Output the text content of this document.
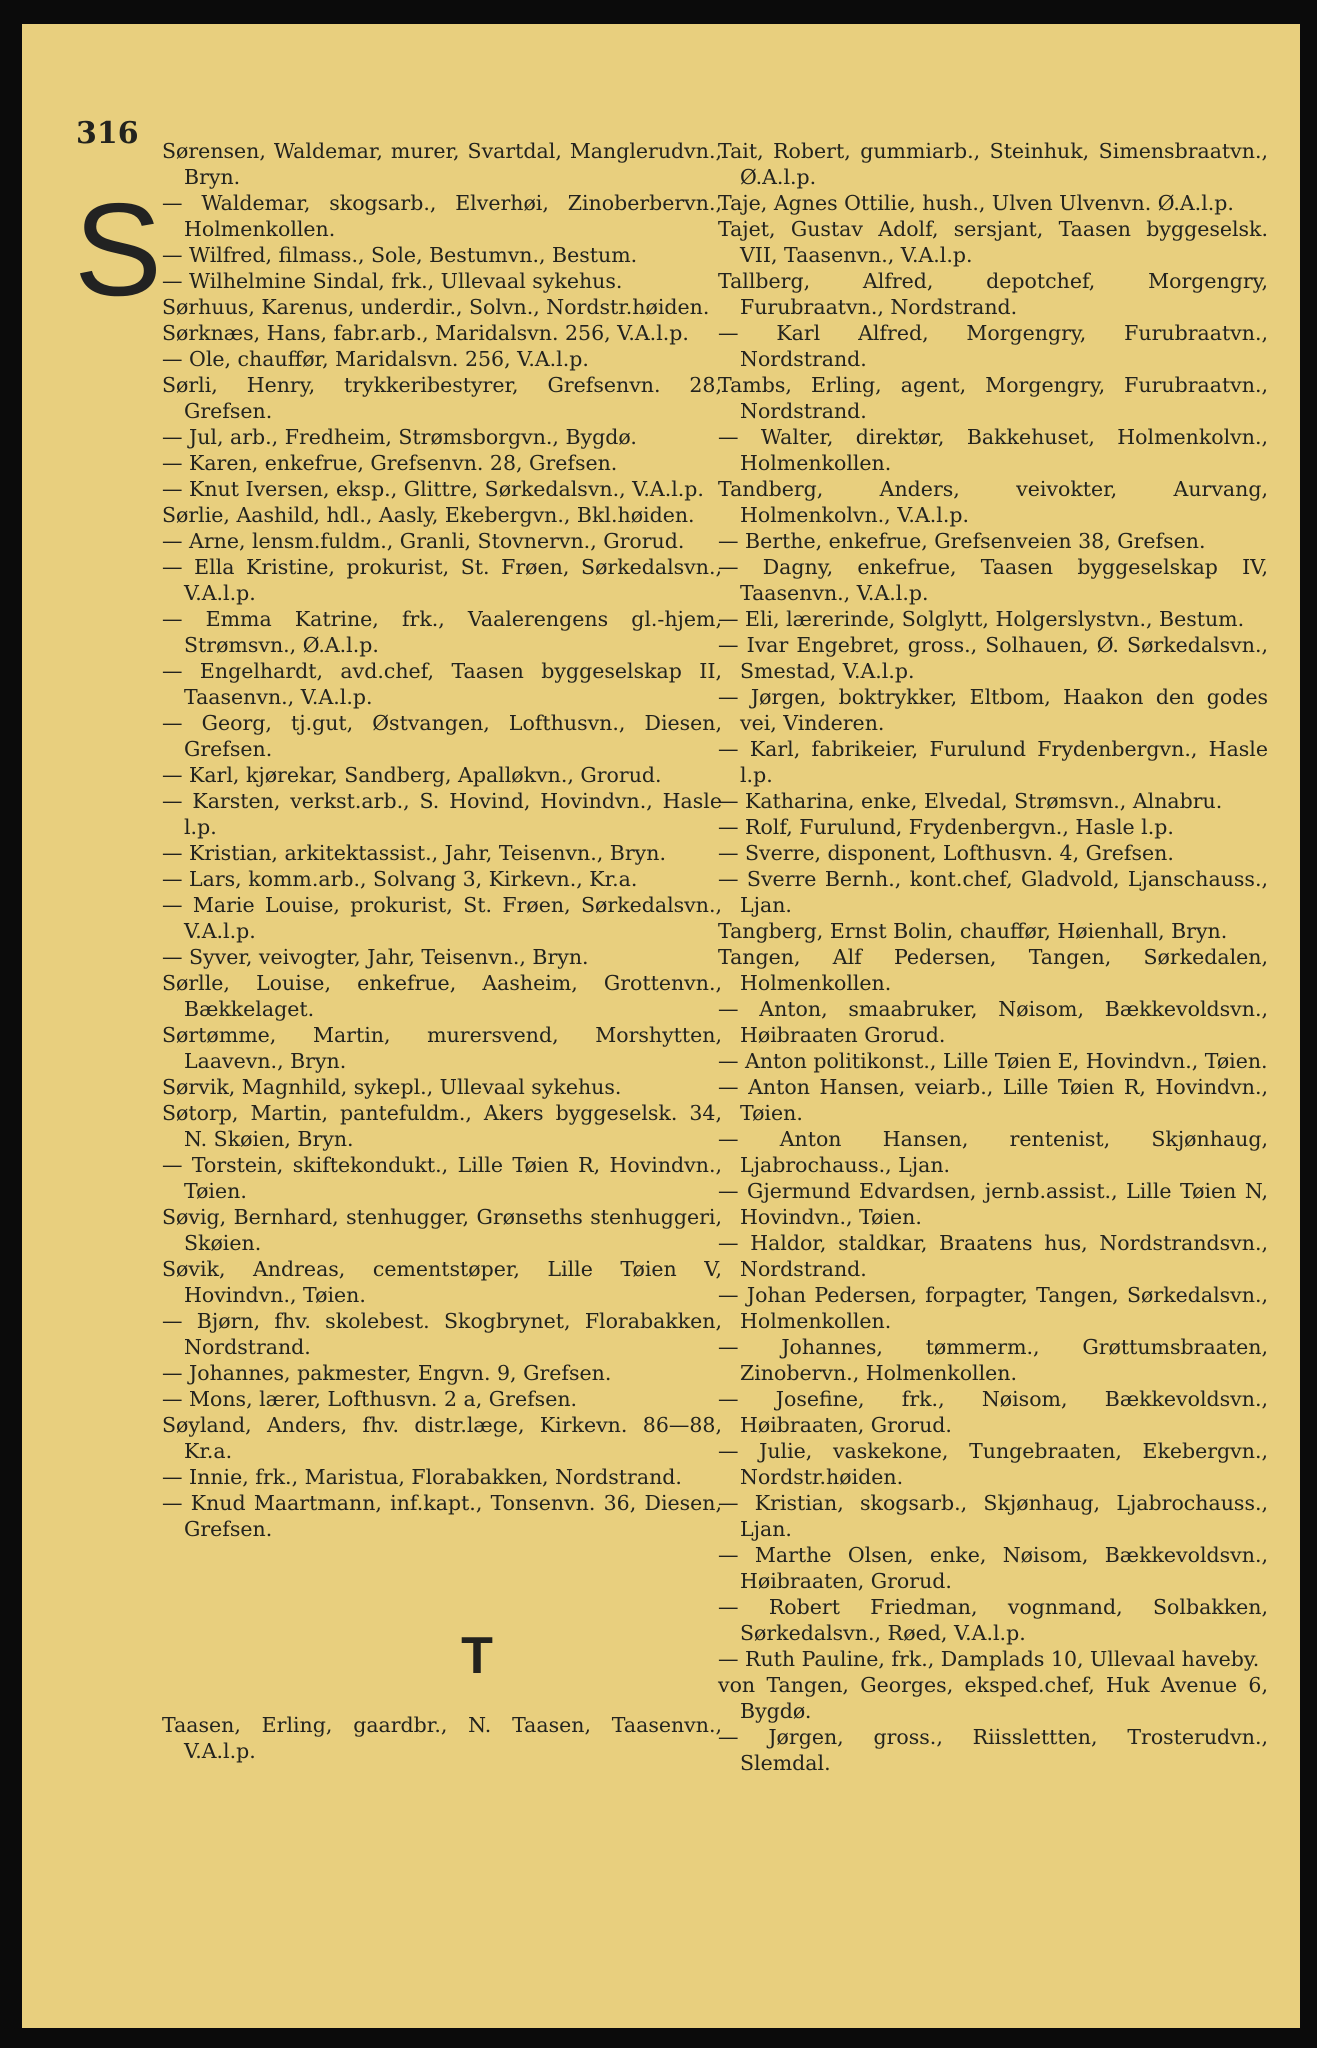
316
S
Sørensen, Waldemar, murer, Svartdal, Manglerudvn., Bryn.
— Waldemar, skogsarb., Elverhøi, Zinoberbervn., Holmenkollen.
— Wilfred, filmass., Sole, Bestumvn., Bestum.
— Wilhelmine Sindal, frk., Ullevaal sykehus.
Sørhuus, Karenus, underdir., Solvn., Nordstr.høiden.
Sørknæs, Hans, fabr.arb., Maridalsvn. 256, V.A.l.p.
— Ole, chauffør, Maridalsvn. 256, V.A.l.p.
Sørli, Henry, trykkeribestyrer, Grefsenvn. 28, Grefsen.
— Jul, arb., Fredheim, Strømsborgvn., Bygdø.
— Karen, enkefrue, Grefsenvn. 28, Grefsen.
— Knut Iversen, eksp., Glittre, Sørkedalsvn., V.A.l.p.
Sørlie, Aashild, hdl., Aasly, Ekebergvn., Bkl.høiden.
— Arne, lensm.fuldm., Granli, Stovnervn., Grorud.
— Ella Kristine, prokurist, St. Frøen, Sørkedalsvn., V.A.l.p.
— Emma Katrine, frk., Vaalerengens gl.-hjem, Strømsvn., Ø.A.l.p.
— Engelhardt, avd.chef, Taasen byggeselskap II, Taasenvn., V.A.l.p.
— Georg, tj.gut, Østvangen, Lofthusvn., Diesen, Grefsen.
— Karl, kjørekar, Sandberg, Apalløkvn., Grorud.
— Karsten, verkst.arb., S. Hovind, Hovindvn., Hasle l.p.
— Kristian, arkitektassist., Jahr, Teisenvn., Bryn.
— Lars, komm.arb., Solvang 3, Kirkevn., Kr.a.
— Marie Louise, prokurist, St. Frøen, Sørkedalsvn., V.A.l.p.
— Syver, veivogter, Jahr, Teisenvn., Bryn.
Sørlle, Louise, enkefrue, Aasheim, Grottenvn., Bækkelaget.
Sørtømme, Martin, murersvend, Morshytten, Laavevn., Bryn.
Sørvik, Magnhild, sykepl., Ullevaal sykehus.
Søtorp, Martin, pantefuldm., Akers byggeselsk. 34, N. Skøien, Bryn.
— Torstein, skiftekondukt., Lille Tøien R, Hovindvn., Tøien.
Søvig, Bernhard, stenhugger, Grønseths stenhuggeri, Skøien.
Søvik, Andreas, cementstøper, Lille Tøien V, Hovindvn., Tøien.
— Bjørn, fhv. skolebest. Skogbrynet, Florabakken, Nordstrand.
— Johannes, pakmester, Engvn. 9, Grefsen.
— Mons, lærer, Lofthusvn. 2 a, Grefsen.
Søyland, Anders, fhv. distr.læge, Kirkevn. 86—88, Kr.a.
— Innie, frk., Maristua, Florabakken, Nordstrand.
— Knud Maartmann, inf.kapt., Tonsenvn. 36, Diesen, Grefsen.
T
Taasen, Erling, gaardbr., N. Taasen, Taasenvn., V.A.l.p.
Tait, Robert, gummiarb., Steinhuk, Simensbraatvn., Ø.A.l.p.
Taje, Agnes Ottilie, hush., Ulven Ulvenvn. Ø.A.l.p.
Tajet, Gustav Adolf, sersjant, Taasen byggeselsk. VII, Taasenvn., V.A.l.p.
Tallberg, Alfred, depotchef, Morgengry, Furubraatvn., Nordstrand.
— Karl Alfred, Morgengry, Furubraatvn., Nordstrand.
Tambs, Erling, agent, Morgengry, Furubraatvn., Nordstrand.
— Walter, direktør, Bakkehuset, Holmenkolvn., Holmenkollen.
Tandberg, Anders, veivokter, Aurvang, Holmenkolvn., V.A.l.p.
— Berthe, enkefrue, Grefsenveien 38, Grefsen.
— Dagny, enkefrue, Taasen byggeselskap IV, Taasenvn., V.A.l.p.
— Eli, lærerinde, Solglytt, Holgerslystvn., Bestum.
— Ivar Engebret, gross., Solhauen, Ø. Sørkedalsvn., Smestad, V.A.l.p.
— Jørgen, boktrykker, Eltbom, Haakon den godes vei, Vinderen.
— Karl, fabrikeier, Furulund Frydenbergvn., Hasle l.p.
— Katharina, enke, Elvedal, Strømsvn., Alnabru.
— Rolf, Furulund, Frydenbergvn., Hasle l.p.
— Sverre, disponent, Lofthusvn. 4, Grefsen.
— Sverre Bernh., kont.chef, Gladvold, Ljanschauss., Ljan.
Tangberg, Ernst Bolin, chauffør, Høienhall, Bryn.
Tangen, Alf Pedersen, Tangen, Sørkedalen, Holmenkollen.
— Anton, smaabruker, Nøisom, Bækkevoldsvn., Høibraaten Grorud.
— Anton politikonst., Lille Tøien E, Hovindvn., Tøien.
— Anton Hansen, veiarb., Lille Tøien R, Hovindvn., Tøien.
— Anton Hansen, rentenist, Skjønhaug, Ljabrochauss., Ljan.
— Gjermund Edvardsen, jernb.assist., Lille Tøien N, Hovindvn., Tøien.
— Haldor, staldkar, Braatens hus, Nordstrandsvn., Nordstrand.
— Johan Pedersen, forpagter, Tangen, Sørkedalsvn., Holmenkollen.
— Johannes, tømmerm., Grøttumsbraaten, Zinobervn., Holmenkollen.
— Josefine, frk., Nøisom, Bækkevoldsvn., Høibraaten, Grorud.
— Julie, vaskekone, Tungebraaten, Ekebergvn., Nordstr.høiden.
— Kristian, skogsarb., Skjønhaug, Ljabrochauss., Ljan.
— Marthe Olsen, enke, Nøisom, Bækkevoldsvn., Høibraaten, Grorud.
— Robert Friedman, vognmand, Solbakken, Sørkedalsvn., Røed, V.A.l.p.
— Ruth Pauline, frk., Damplads 10, Ullevaal haveby.
von Tangen, Georges, eksped.chef, Huk Avenue 6, Bygdø.
— Jørgen, gross., Riisslettten, Trosterudvn., Slemdal.
